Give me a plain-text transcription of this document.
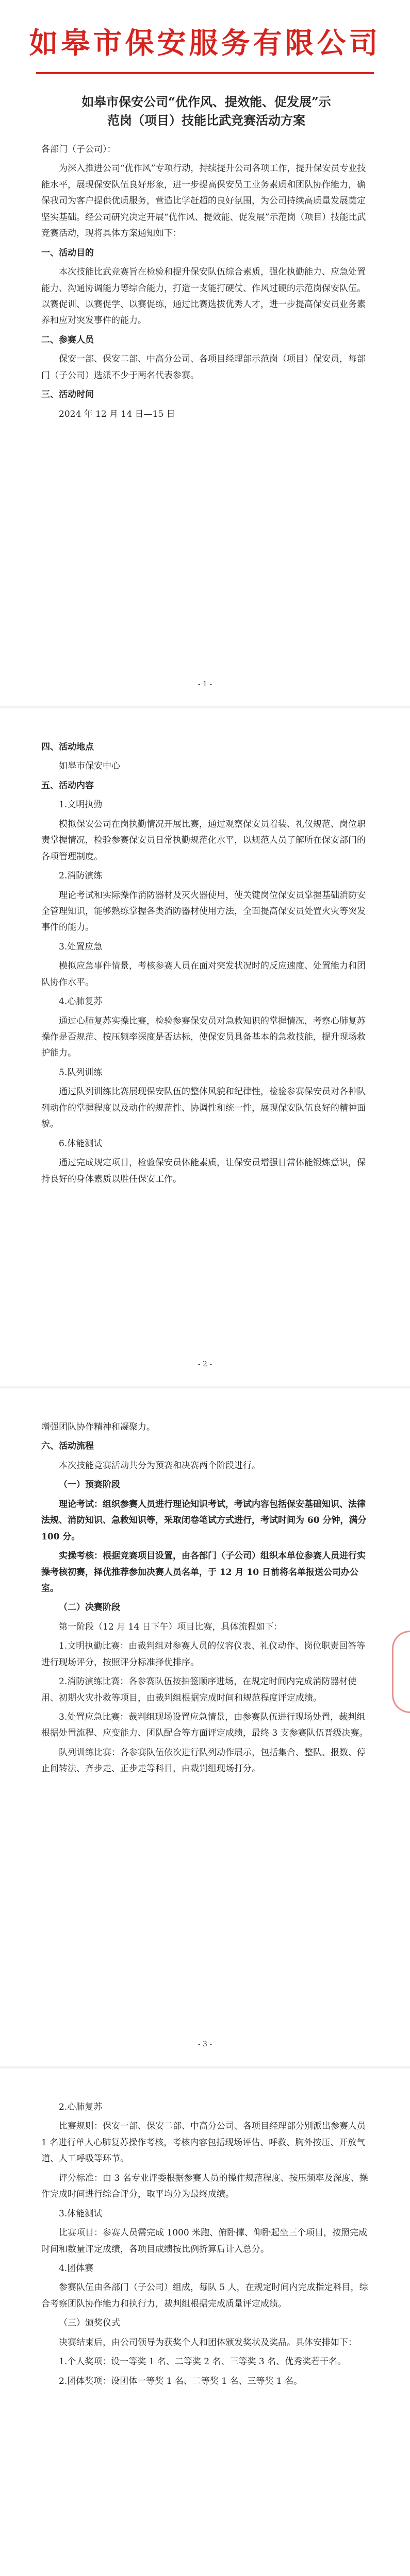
如皋市保安服务有限公司
如皋市保安公司“优作风、提效能、促发展”示
范岗（项目）技能比武竞赛活动方案

各部门（子公司）：

为深入推进公司“优作风”专项行动，持续提升公司各项工作，提升保安员专业技能水平，展现保安队伍良好形象，进一步提高保安员工业务素质和团队协作能力，确保我司为客户提供优质服务，营造比学赶超的良好氛围，为公司持续高质量发展奠定坚实基础。经公司研究决定开展“优作风、提效能、促发展”示范岗（项目）技能比武竞赛活动，现将具体方案通知如下：

一、活动目的

本次技能比武竞赛旨在检验和提升保安队伍综合素质，强化执勤能力、应急处置能力、沟通协调能力等综合能力，打造一支能打硬仗、作风过硬的示范岗保安队伍。以赛促训、以赛促学、以赛促练，通过比赛选拔优秀人才，进一步提高保安员业务素养和应对突发事件的能力。

二、参赛人员

保安一部、保安二部、中高分公司、各项目经理部示范岗（项目）保安员，每部门（子公司）选派不少于两名代表参赛。

三、活动时间

2024 年 12 月 14 日—15 日

- 1 -

四、活动地点

如皋市保安中心

五、活动内容

1.文明执勤

模拟保安公司在岗执勤情况开展比赛，通过观察保安员着装、礼仪规范、岗位职责掌握情况，检验参赛保安员日常执勤规范化水平，以规范人员了解所在保安部门的各项管理制度。

2.消防演练

理论考试和实际操作消防器材及灭火器使用，使关键岗位保安员掌握基础消防安全管理知识，能够熟练掌握各类消防器材使用方法，全面提高保安员处置火灾等突发事件的能力。

3.处置应急

模拟应急事件情景，考核参赛人员在面对突发状况时的反应速度、处置能力和团队协作水平。

4.心肺复苏

通过心肺复苏实操比赛，检验参赛保安员对急救知识的掌握情况，考察心肺复苏操作是否规范、按压频率深度是否达标，使保安员具备基本的急救技能，提升现场救护能力。

5.队列训练

通过队列训练比赛展现保安队伍的整体风貌和纪律性，检验参赛保安员对各种队列动作的掌握程度以及动作的规范性、协调性和统一性，展现保安队伍良好的精神面貌。

6.体能测试

通过完成规定项目，检验保安员体能素质，让保安员增强日常体能锻炼意识，保持良好的身体素质以胜任保安工作。

- 2 -

增强团队协作精神和凝聚力。

六、活动流程

本次技能竞赛活动共分为预赛和决赛两个阶段进行。

（一）预赛阶段

理论考试：组织参赛人员进行理论知识考试，考试内容包括保安基础知识、法律法规、消防知识、急救知识等，采取闭卷笔试方式进行，考试时间为 60 分钟，满分 100 分。

实操考核：根据竞赛项目设置，由各部门（子公司）组织本单位参赛人员进行实操考核初赛，择优推荐参加决赛人员名单，于 12 月 10 日前将名单报送公司办公室。

（二）决赛阶段

第一阶段（12 月 14 日下午）项目比赛，具体流程如下：

1.文明执勤比赛：由裁判组对参赛人员的仪容仪表、礼仪动作、岗位职责回答等进行现场评分，按照评分标准择优排序。

2.消防演练比赛：各参赛队伍按抽签顺序进场，在规定时间内完成消防器材使用、初期火灾扑救等项目，由裁判组根据完成时间和规范程度评定成绩。

3.处置应急比赛：裁判组现场设置应急情景，由参赛队伍进行现场处置，裁判组根据处置流程、应变能力、团队配合等方面评定成绩，最终 3 支参赛队伍晋级决赛。

队列训练比赛：各参赛队伍依次进行队列动作展示，包括集合、整队、报数、停止间转法、齐步走、正步走等科目，由裁判组现场打分。

- 3 -

2.心肺复苏

比赛规则：保安一部、保安二部、中高分公司、各项目经理部分别派出参赛人员 1 名进行单人心肺复苏操作考核，考核内容包括现场评估、呼救、胸外按压、开放气道、人工呼吸等环节。

评分标准：由 3 名专业评委根据参赛人员的操作规范程度、按压频率及深度、操作完成时间进行综合评分，取平均分为最终成绩。

3.体能测试

比赛项目：参赛人员需完成 1000 米跑、俯卧撑、仰卧起坐三个项目，按照完成时间和数量评定成绩，各项目成绩按比例折算后计入总分。

4.团体赛

参赛队伍由各部门（子公司）组成，每队 5 人，在规定时间内完成指定科目，综合考察团队协作能力和执行力，裁判组根据完成质量评定成绩。

（三）颁奖仪式

决赛结束后，由公司领导为获奖个人和团体颁发奖状及奖品。具体安排如下：

1.个人奖项：设一等奖 1 名、二等奖 2 名、三等奖 3 名、优秀奖若干名。

2.团体奖项：设团体一等奖 1 名、二等奖 1 名、三等奖 1 名。
